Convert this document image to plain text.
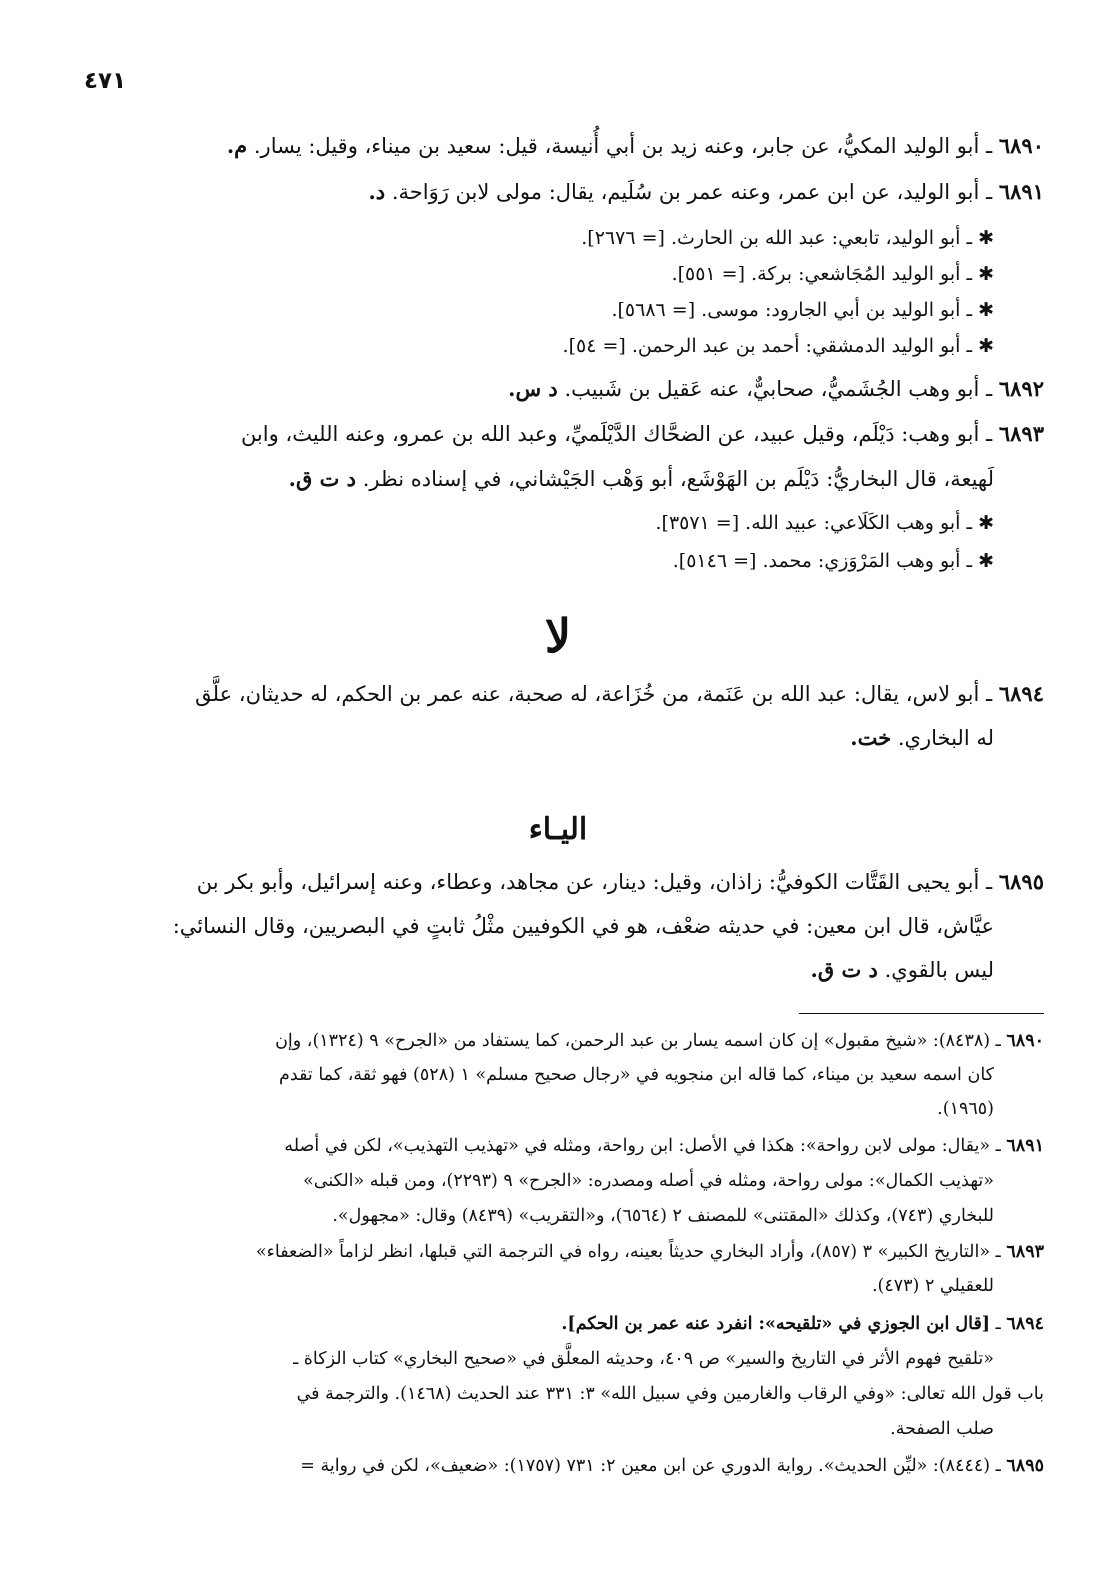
٤٧١
٦٨٩٠ ـ أبو الوليد المكيُّ، عن جابر، وعنه زيد بن أبي أُنيسة، قيل: سعيد بن ميناء، وقيل: يسار. م.
٦٨٩١ ـ أبو الوليد، عن ابن عمر، وعنه عمر بن سُلَيم، يقال: مولى لابن رَوَاحة. د.
✱ ـ أبو الوليد، تابعي: عبد الله بن الحارث. [= ٢٦٧٦].
✱ ـ أبو الوليد المُجَاشعي: بركة. [= ٥٥١].
✱ ـ أبو الوليد بن أبي الجارود: موسى. [= ٥٦٨٦].
✱ ـ أبو الوليد الدمشقي: أحمد بن عبد الرحمن. [= ٥٤].
٦٨٩٢ ـ أبو وهب الجُشَميُّ، صحابيٌّ، عنه عَقيل بن شَبيب. د س.
٦٨٩٣ ـ أبو وهب: دَيْلَم، وقيل عبيد، عن الضحَّاك الدَّيْلَميِّ، وعبد الله بن عمرو، وعنه الليث، وابن
لَهيعة، قال البخاريُّ: دَيْلَم بن الهَوْشَع، أبو وَهْب الجَيْشاني، في إسناده نظر. د ت ق.
✱ ـ أبو وهب الكَلَاعي: عبيد الله. [= ٣٥٧١].
✱ ـ أبو وهب المَرْوَزي: محمد. [= ٥١٤٦].
لا
٦٨٩٤ ـ أبو لاس، يقال: عبد الله بن عَنَمة، من خُزَاعة، له صحبة، عنه عمر بن الحكم، له حديثان، علَّق
له البخاري. خت.
اليـاء
٦٨٩٥ ـ أبو يحيى القَتَّات الكوفيُّ: زاذان، وقيل: دينار، عن مجاهد، وعطاء، وعنه إسرائيل، وأبو بكر بن
عيَّاش، قال ابن معين: في حديثه ضعْف، هو في الكوفيين مثْلُ ثابتٍ في البصريين، وقال النسائي:
ليس بالقوي. د ت ق.
٦٨٩٠ ـ (٨٤٣٨): «شيخ مقبول» إن كان اسمه يسار بن عبد الرحمن، كما يستفاد من «الجرح» ٩ (١٣٢٤)، وإن
كان اسمه سعيد بن ميناء، كما قاله ابن منجويه في «رجال صحيح مسلم» ١ (٥٢٨) فهو ثقة، كما تقدم
(١٩٦٥).
٦٨٩١ ـ «يقال: مولى لابن رواحة»: هكذا في الأصل: ابن رواحة، ومثله في «تهذيب التهذيب»، لكن في أصله
«تهذيب الكمال»: مولى رواحة، ومثله في أصله ومصدره: «الجرح» ٩ (٢٢٩٣)، ومن قبله «الكنى»
للبخاري (٧٤٣)، وكذلك «المقتنى» للمصنف ٢ (٦٥٦٤)، و«التقريب» (٨٤٣٩) وقال: «مجهول».
٦٨٩٣ ـ «التاريخ الكبير» ٣ (٨٥٧)، وأراد البخاري حديثاً بعينه، رواه في الترجمة التي قبلها، انظر لزاماً «الضعفاء»
للعقيلي ٢ (٤٧٣).
٦٨٩٤ ـ [قال ابن الجوزي في «تلقيحه»: انفرد عنه عمر بن الحكم].
«تلقيح فهوم الأثر في التاريخ والسير» ص ٤٠٩، وحديثه المعلَّق في «صحيح البخاري» كتاب الزكاة ـ
باب قول الله تعالى: «وفي الرقاب والغارمين وفي سبيل الله» ٣: ٣٣١ عند الحديث (١٤٦٨). والترجمة في
صلب الصفحة.
٦٨٩٥ ـ (٨٤٤٤): «ليِّن الحديث». رواية الدوري عن ابن معين ٢: ٧٣١ (١٧٥٧): «ضعيف»، لكن في رواية =
